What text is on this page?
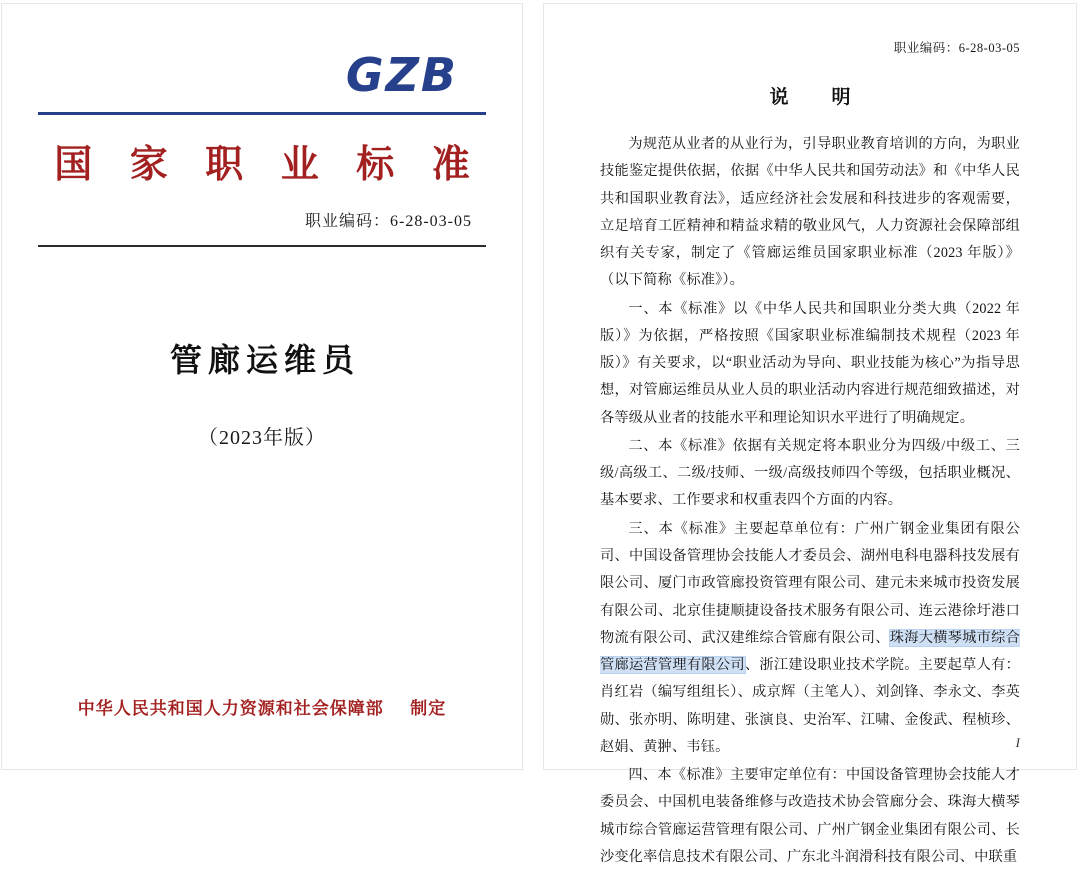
GZB
国 家 职 业 标 准
职业编码：6-28-03-05
管廊运维员
（2023年版）
中华人民共和国人力资源和社会保障部 制定
职业编码：6-28-03-05
说　明

为规范从业者的从业行为，引导职业教育培训的方向，为职业技能鉴定提供依据，依据《中华人民共和国劳动法》和《中华人民共和国职业教育法》，适应经济社会发展和科技进步的客观需要，立足培育工匠精神和精益求精的敬业风气，人力资源社会保障部组织有关专家，制定了《管廊运维员国家职业标准（2023 年版）》（以下简称《标准》）。

一、本《标准》以《中华人民共和国职业分类大典（2022 年版）》为依据，严格按照《国家职业标准编制技术规程（2023 年版）》有关要求，以“职业活动为导向、职业技能为核心”为指导思想，对管廊运维员从业人员的职业活动内容进行规范细致描述，对各等级从业者的技能水平和理论知识水平进行了明确规定。

二、本《标准》依据有关规定将本职业分为四级/中级工、三级/高级工、二级/技师、一级/高级技师四个等级，包括职业概况、基本要求、工作要求和权重表四个方面的内容。

三、本《标准》主要起草单位有：广州广钢金业集团有限公司、中国设备管理协会技能人才委员会、湖州电科电器科技发展有限公司、厦门市政管廊投资管理有限公司、建元未来城市投资发展有限公司、北京佳捷顺捷设备技术服务有限公司、连云港徐圩港口物流有限公司、武汉建维综合管廊有限公司、珠海大横琴城市综合管廊运营管理有限公司、浙江建设职业技术学院。主要起草人有：肖红岩（编写组组长）、成京辉（主笔人）、刘剑锋、李永文、李英勋、张亦明、陈明建、张演良、史治军、江啸、金俊武、程桢珍、赵娟、黄翀、韦钰。

四、本《标准》主要审定单位有：中国设备管理协会技能人才委员会、中国机电装备维修与改造技术协会管廊分会、珠海大横琴城市综合管廊运营管理有限公司、广州广钢金业集团有限公司、长沙变化率信息技术有限公司、广东北斗润滑科技有限公司、中联重

I
